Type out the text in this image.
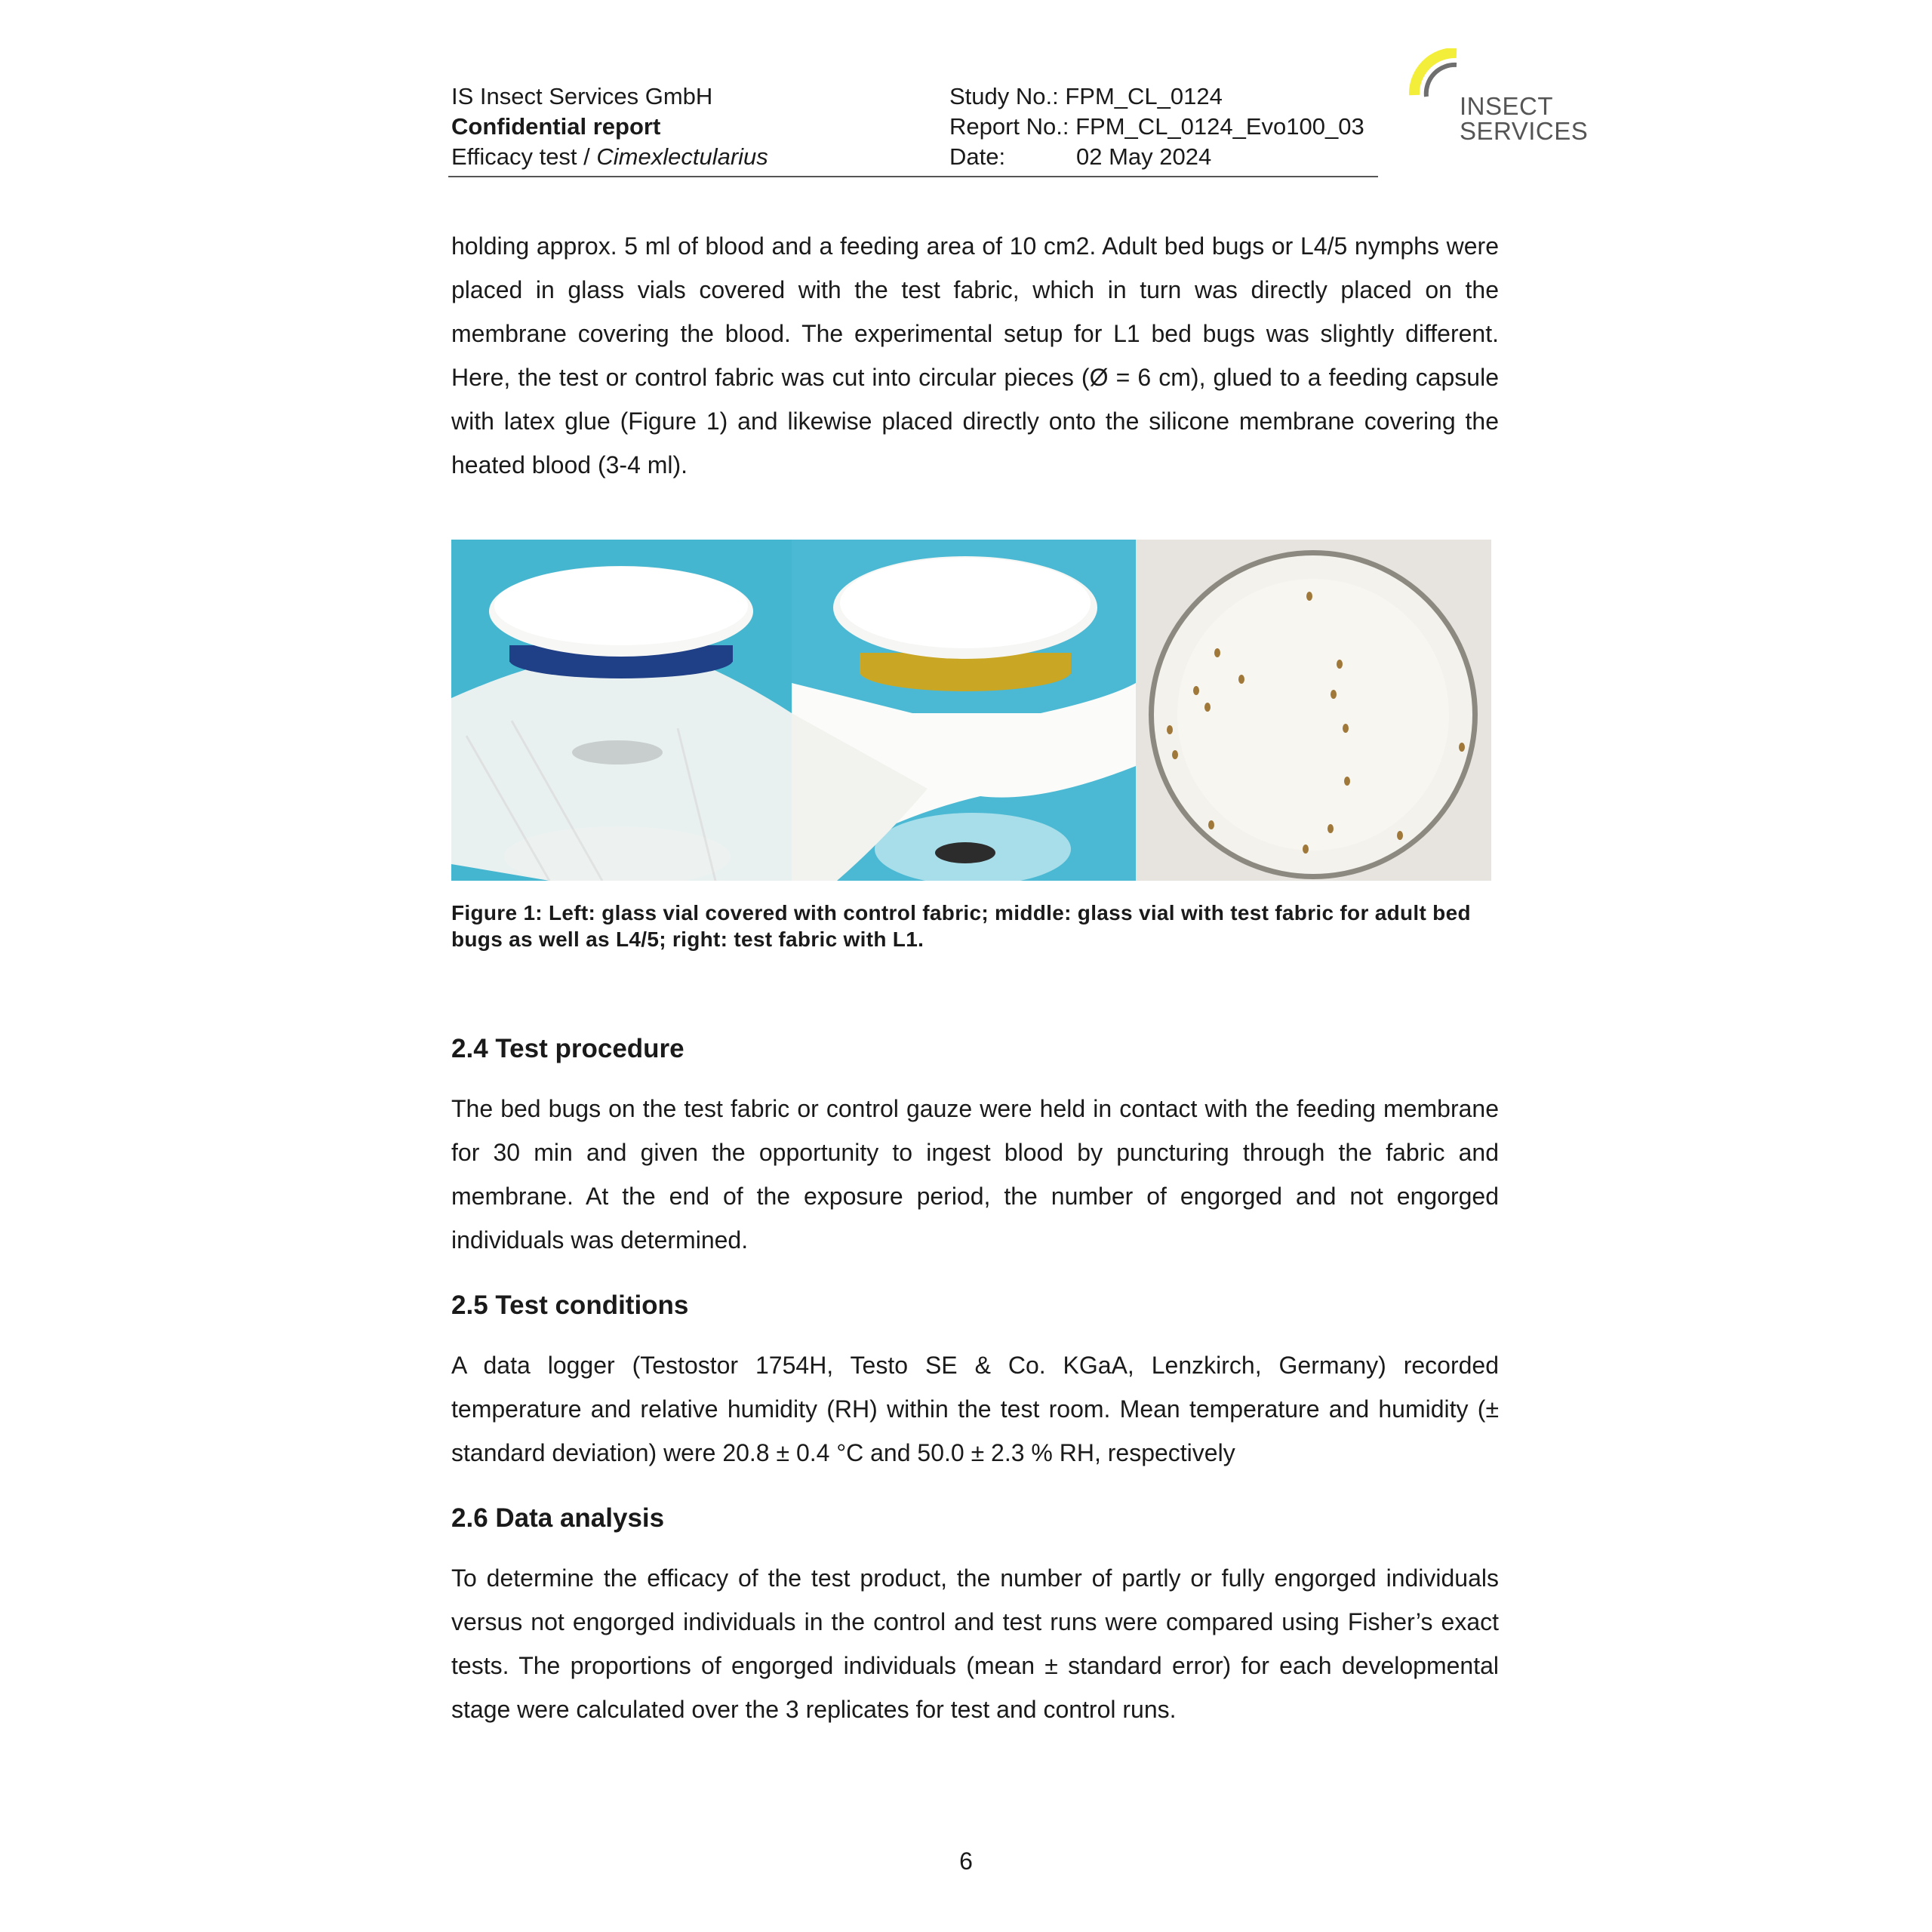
IS Insect Services GmbH
Confidential report
Efficacy test / Cimexlectularius
Study No.: FPM_CL_0124
Report No.: FPM_CL_0124_Evo100_03
Date:	02 May 2024
INSECT
SERVICES

holding approx. 5 ml of blood and a feeding area of 10 cm2. Adult bed bugs or L4/5 nymphs were placed in glass vials covered with the test fabric, which in turn was directly placed on the membrane covering the blood. The experimental setup for L1 bed bugs was slightly different. Here, the test or control fabric was cut into circular pieces (Ø = 6 cm), glued to a feeding capsule with latex glue (Figure 1) and likewise placed directly onto the silicone membrane covering the heated blood (3-4 ml).

Figure 1: Left: glass vial covered with control fabric; middle: glass vial with test fabric for adult bed bugs as well as L4/5; right: test fabric with L1.

2.4 Test procedure

The bed bugs on the test fabric or control gauze were held in contact with the feeding membrane for 30 min and given the opportunity to ingest blood by puncturing through the fabric and membrane. At the end of the exposure period, the number of engorged and not engorged individuals was determined.

2.5 Test conditions

A data logger (Testostor 1754H, Testo SE & Co. KGaA, Lenzkirch, Germany) recorded temperature and relative humidity (RH) within the test room. Mean temperature and humidity (± standard deviation) were 20.8 ± 0.4 °C and 50.0 ± 2.3 % RH, respectively

2.6 Data analysis

To determine the efficacy of the test product, the number of partly or fully engorged individuals versus not engorged individuals in the control and test runs were compared using Fisher’s exact tests. The proportions of engorged individuals (mean ± standard error) for each developmental stage were calculated over the 3 replicates for test and control runs.

6
